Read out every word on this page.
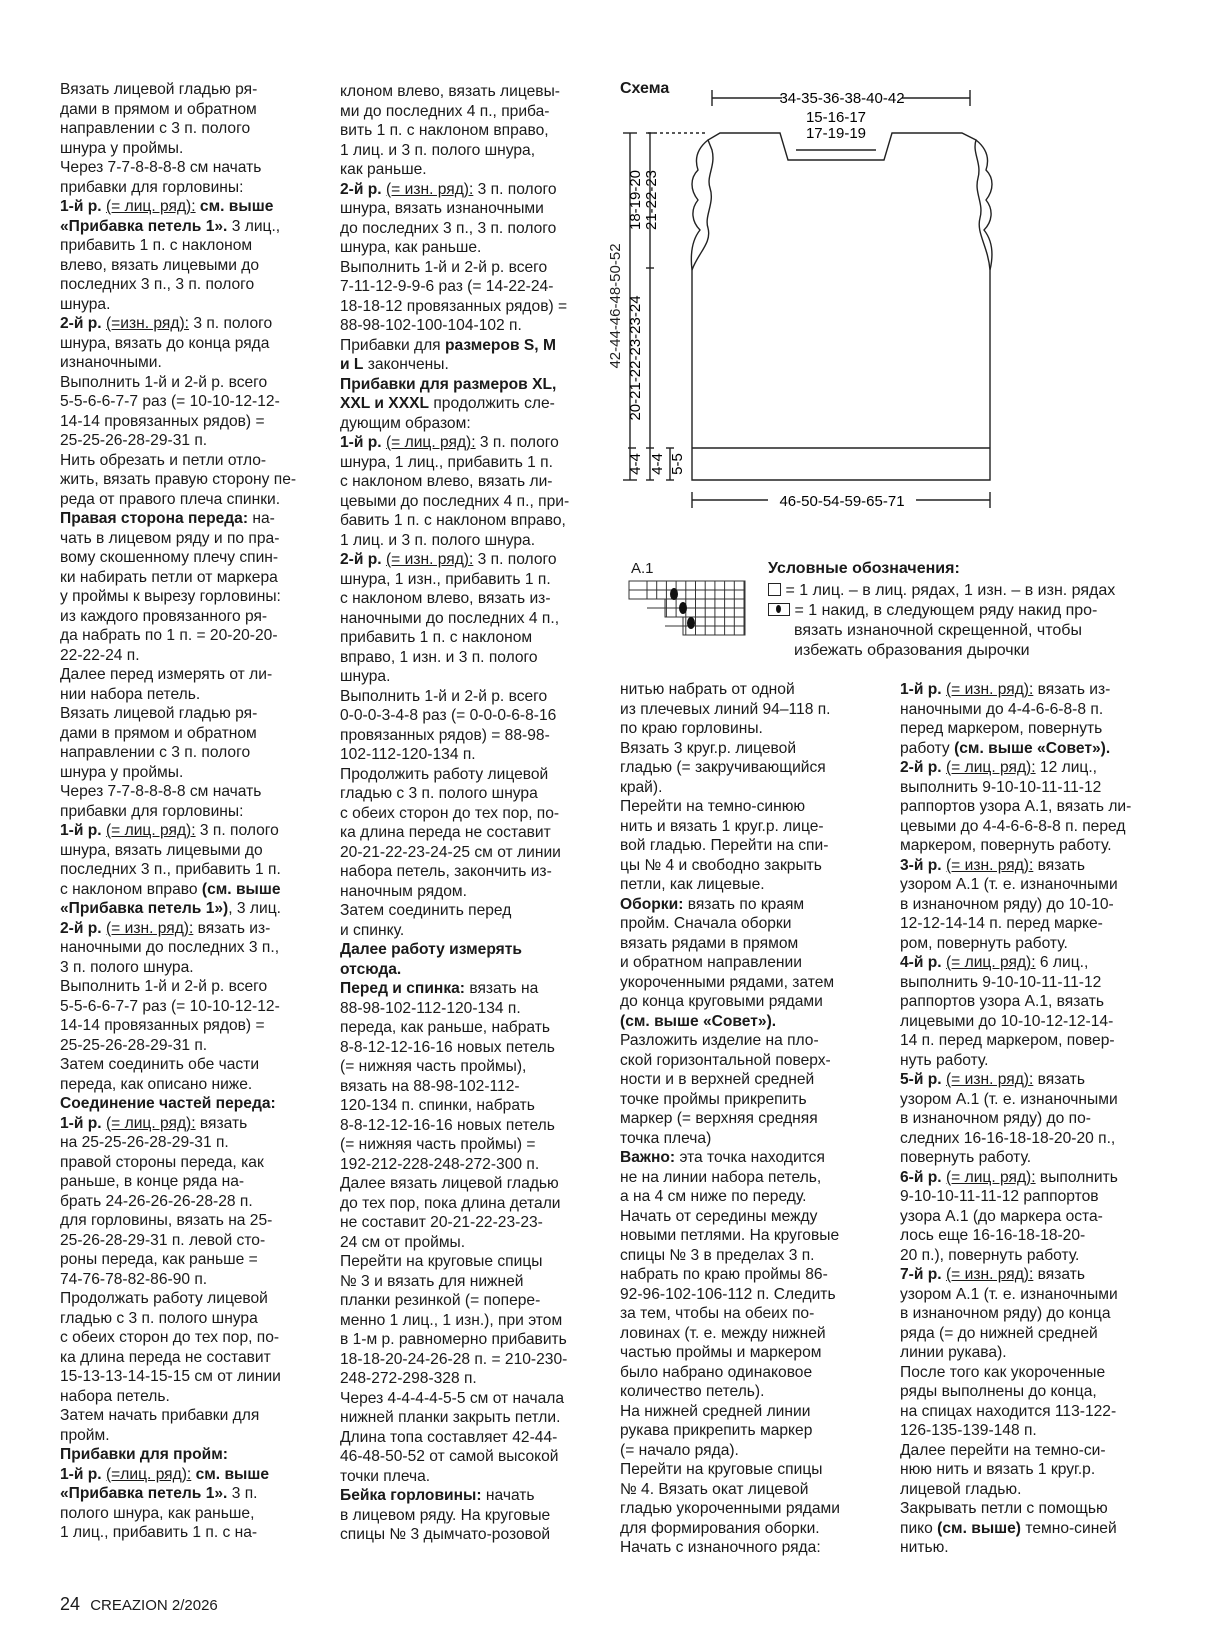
Вязать лицевой гладью ря-

дами в прямом и обратном

направлении с 3 п. полого

шнура у проймы.

Через 7-7-8-8-8-8 см начать

прибавки для горловины:

1-й р. (= лиц. ряд): см. выше

«Прибавка петель 1». 3 лиц.,

прибавить 1 п. с наклоном

влево, вязать лицевыми до

последних 3 п., 3 п. полого

шнура.

2-й р. (=изн. ряд): 3 п. полого

шнура, вязать до конца ряда

изнаночными.

Выполнить 1-й и 2-й р. всего

5-5-6-6-7-7 раз (= 10-10-12-12-

14-14 провязанных рядов) =

25-25-26-28-29-31 п.

Нить обрезать и петли отло-

жить, вязать правую сторону пе-

реда от правого плеча спинки.

Правая сторона переда: на-

чать в лицевом ряду и по пра-

вому скошенному плечу спин-

ки набирать петли от маркера

у проймы к вырезу горловины:

из каждого провязанного ря-

да набрать по 1 п. = 20-20-20-

22-22-24 п.

Далее перед измерять от ли-

нии набора петель.

Вязать лицевой гладью ря-

дами в прямом и обратном

направлении с 3 п. полого

шнура у проймы.

Через 7-7-8-8-8-8 см начать

прибавки для горловины:

1-й р. (= лиц. ряд): 3 п. полого

шнура, вязать лицевыми до

последних 3 п., прибавить 1 п.

с наклоном вправо (см. выше

«Прибавка петель 1»), 3 лиц.

2-й р. (= изн. ряд): вязать из-

наночными до последних 3 п.,

3 п. полого шнура.

Выполнить 1-й и 2-й р. всего

5-5-6-6-7-7 раз (= 10-10-12-12-

14-14 провязанных рядов) =

25-25-26-28-29-31 п.

Затем соединить обе части

переда, как описано ниже.

Соединение частей переда:

1-й р. (= лиц. ряд): вязать

на 25-25-26-28-29-31 п.

правой стороны переда, как

раньше, в конце ряда на-

брать 24-26-26-26-28-28 п.

для горловины, вязать на 25-

25-26-28-29-31 п. левой сто-

роны переда, как раньше =

74-76-78-82-86-90 п.

Продолжать работу лицевой

гладью с 3 п. полого шнура

с обеих сторон до тех пор, по-

ка длина переда не составит

15-13-13-14-15-15 см от линии

набора петель.

Затем начать прибавки для

пройм.

Прибавки для пройм:

1-й р. (=лиц. ряд): см. выше

«Прибавка петель 1». 3 п.

полого шнура, как раньше,

1 лиц., прибавить 1 п. с на-

клоном влево, вязать лицевы-

ми до последних 4 п., приба-

вить 1 п. с наклоном вправо,

1 лиц. и 3 п. полого шнура,

как раньше.

2-й р. (= изн. ряд): 3 п. полого

шнура, вязать изнаночными

до последних 3 п., 3 п. полого

шнура, как раньше.

Выполнить 1-й и 2-й р. всего

7-11-12-9-9-6 раз (= 14-22-24-

18-18-12 провязанных рядов) =

88-98-102-100-104-102 п.

Прибавки для размеров S, M

и L закончены.

Прибавки для размеров XL,

XXL и XXXL продолжить сле-

дующим образом:

1-й р. (= лиц. ряд): 3 п. полого

шнура, 1 лиц., прибавить 1 п.

с наклоном влево, вязать ли-

цевыми до последних 4 п., при-

бавить 1 п. с наклоном вправо,

1 лиц. и 3 п. полого шнура.

2-й р. (= изн. ряд): 3 п. полого

шнура, 1 изн., прибавить 1 п.

с наклоном влево, вязать из-

наночными до последних 4 п.,

прибавить 1 п. с наклоном

вправо, 1 изн. и 3 п. полого

шнура.

Выполнить 1-й и 2-й р. всего

0-0-0-3-4-8 раз (= 0-0-0-6-8-16

провязанных рядов) = 88-98-

102-112-120-134 п.

Продолжить работу лицевой

гладью с 3 п. полого шнура

с обеих сторон до тех пор, по-

ка длина переда не составит

20-21-22-23-24-25 см от линии

набора петель, закончить из-

наночным рядом.

Затем соединить перед

и спинку.

Далее работу измерять

отсюда.

Перед и спинка: вязать на

88-98-102-112-120-134 п.

переда, как раньше, набрать

8-8-12-12-16-16 новых петель

(= нижняя часть проймы),

вязать на 88-98-102-112-

120-134 п. спинки, набрать

8-8-12-12-16-16 новых петель

(= нижняя часть проймы) =

192-212-228-248-272-300 п.

Далее вязать лицевой гладью

до тех пор, пока длина детали

не составит 20-21-22-23-23-

24 см от проймы.

Перейти на круговые спицы

№ 3 и вязать для нижней

планки резинкой (= попере-

менно 1 лиц., 1 изн.), при этом

в 1-м р. равномерно прибавить

18-18-20-24-26-28 п. = 210-230-

248-272-298-328 п.

Через 4-4-4-4-5-5 см от начала

нижней планки закрыть петли.

Длина топа составляет 42-44-

46-48-50-52 от самой высокой

точки плеча.

Бейка горловины: начать

в лицевом ряду. На круговые

спицы № 3 дымчато-розовой

нитью набрать от одной

из плечевых линий 94–118 п.

по краю горловины.

Вязать 3 круг.р. лицевой

гладью (= закручивающийся

край).

Перейти на темно-синюю

нить и вязать 1 круг.р. лице-

вой гладью. Перейти на спи-

цы № 4 и свободно закрыть

петли, как лицевые.

Оборки: вязать по краям

пройм. Сначала оборки

вязать рядами в прямом

и обратном направлении

укороченными рядами, затем

до конца круговыми рядами

(см. выше «Совет»).

Разложить изделие на пло-

ской горизонтальной поверх-

ности и в верхней средней

точке проймы прикрепить

маркер (= верхняя средняя

точка плеча)

Важно: эта точка находится

не на линии набора петель,

а на 4 см ниже по переду.

Начать от середины между

новыми петлями. На круговые

спицы № 3 в пределах 3 п.

набрать по краю проймы 86-

92-96-102-106-112 п. Следить

за тем, чтобы на обеих по-

ловинах (т. е. между нижней

частью проймы и маркером

было набрано одинаковое

количество петель).

На нижней средней линии

рукава прикрепить маркер

(= начало ряда).

Перейти на круговые спицы

№ 4. Вязать окат лицевой

гладью укороченными рядами

для формирования оборки.

Начать с изнаночного ряда:

1-й р. (= изн. ряд): вязать из-

наночными до 4-4-6-6-8-8 п.

перед маркером, повернуть

работу (см. выше «Совет»).

2-й р. (= лиц. ряд): 12 лиц.,

выполнить 9-10-10-11-11-12

раппортов узора А.1, вязать ли-

цевыми до 4-4-6-6-8-8 п. перед

маркером, повернуть работу.

3-й р. (= изн. ряд): вязать

узором А.1 (т. е. изнаночными

в изнаночном ряду) до 10-10-

12-12-14-14 п. перед марке-

ром, повернуть работу.

4-й р. (= лиц. ряд): 6 лиц.,

выполнить 9-10-10-11-11-12

раппортов узора А.1, вязать

лицевыми до 10-10-12-12-14-

14 п. перед маркером, повер-

нуть работу.

5-й р. (= изн. ряд): вязать

узором А.1 (т. е. изнаночными

в изнаночном ряду) до по-

следних 16-16-18-18-20-20 п.,

повернуть работу.

6-й р. (= лиц. ряд): выполнить

9-10-10-11-11-12 раппортов

узора А.1 (до маркера оста-

лось еще 16-16-18-18-20-

20 п.), повернуть работу.

7-й р. (= изн. ряд): вязать

узором А.1 (т. е. изнаночными

в изнаночном ряду) до конца

ряда (= до нижней средней

линии рукава).

После того как укороченные

ряды выполнены до конца,

на спицах находится 113-122-

126-135-139-148 п.

Далее перейти на темно-си-

нюю нить и вязать 1 круг.р.

лицевой гладью.

Закрывать петли с помощью

пико (см. выше) темно-синей

нитью.

Схема
34-35-36-38-40-42
15-16-17
17-19-19
46-50-54-59-65-71
42-44-46-48-50-52
18-19-20 21-22-23
20-21-22-23-23-24
4-4 4-4 5-5
А.1	Условные обозначения:
= 1 лиц. – в лиц. рядах, 1 изн. – в изн. рядах
= 1 накид, в следующем ряду накид про-
вязать изнаночной скрещенной, чтобы
избежать образования дырочки
24 CREAZION 2/2026
